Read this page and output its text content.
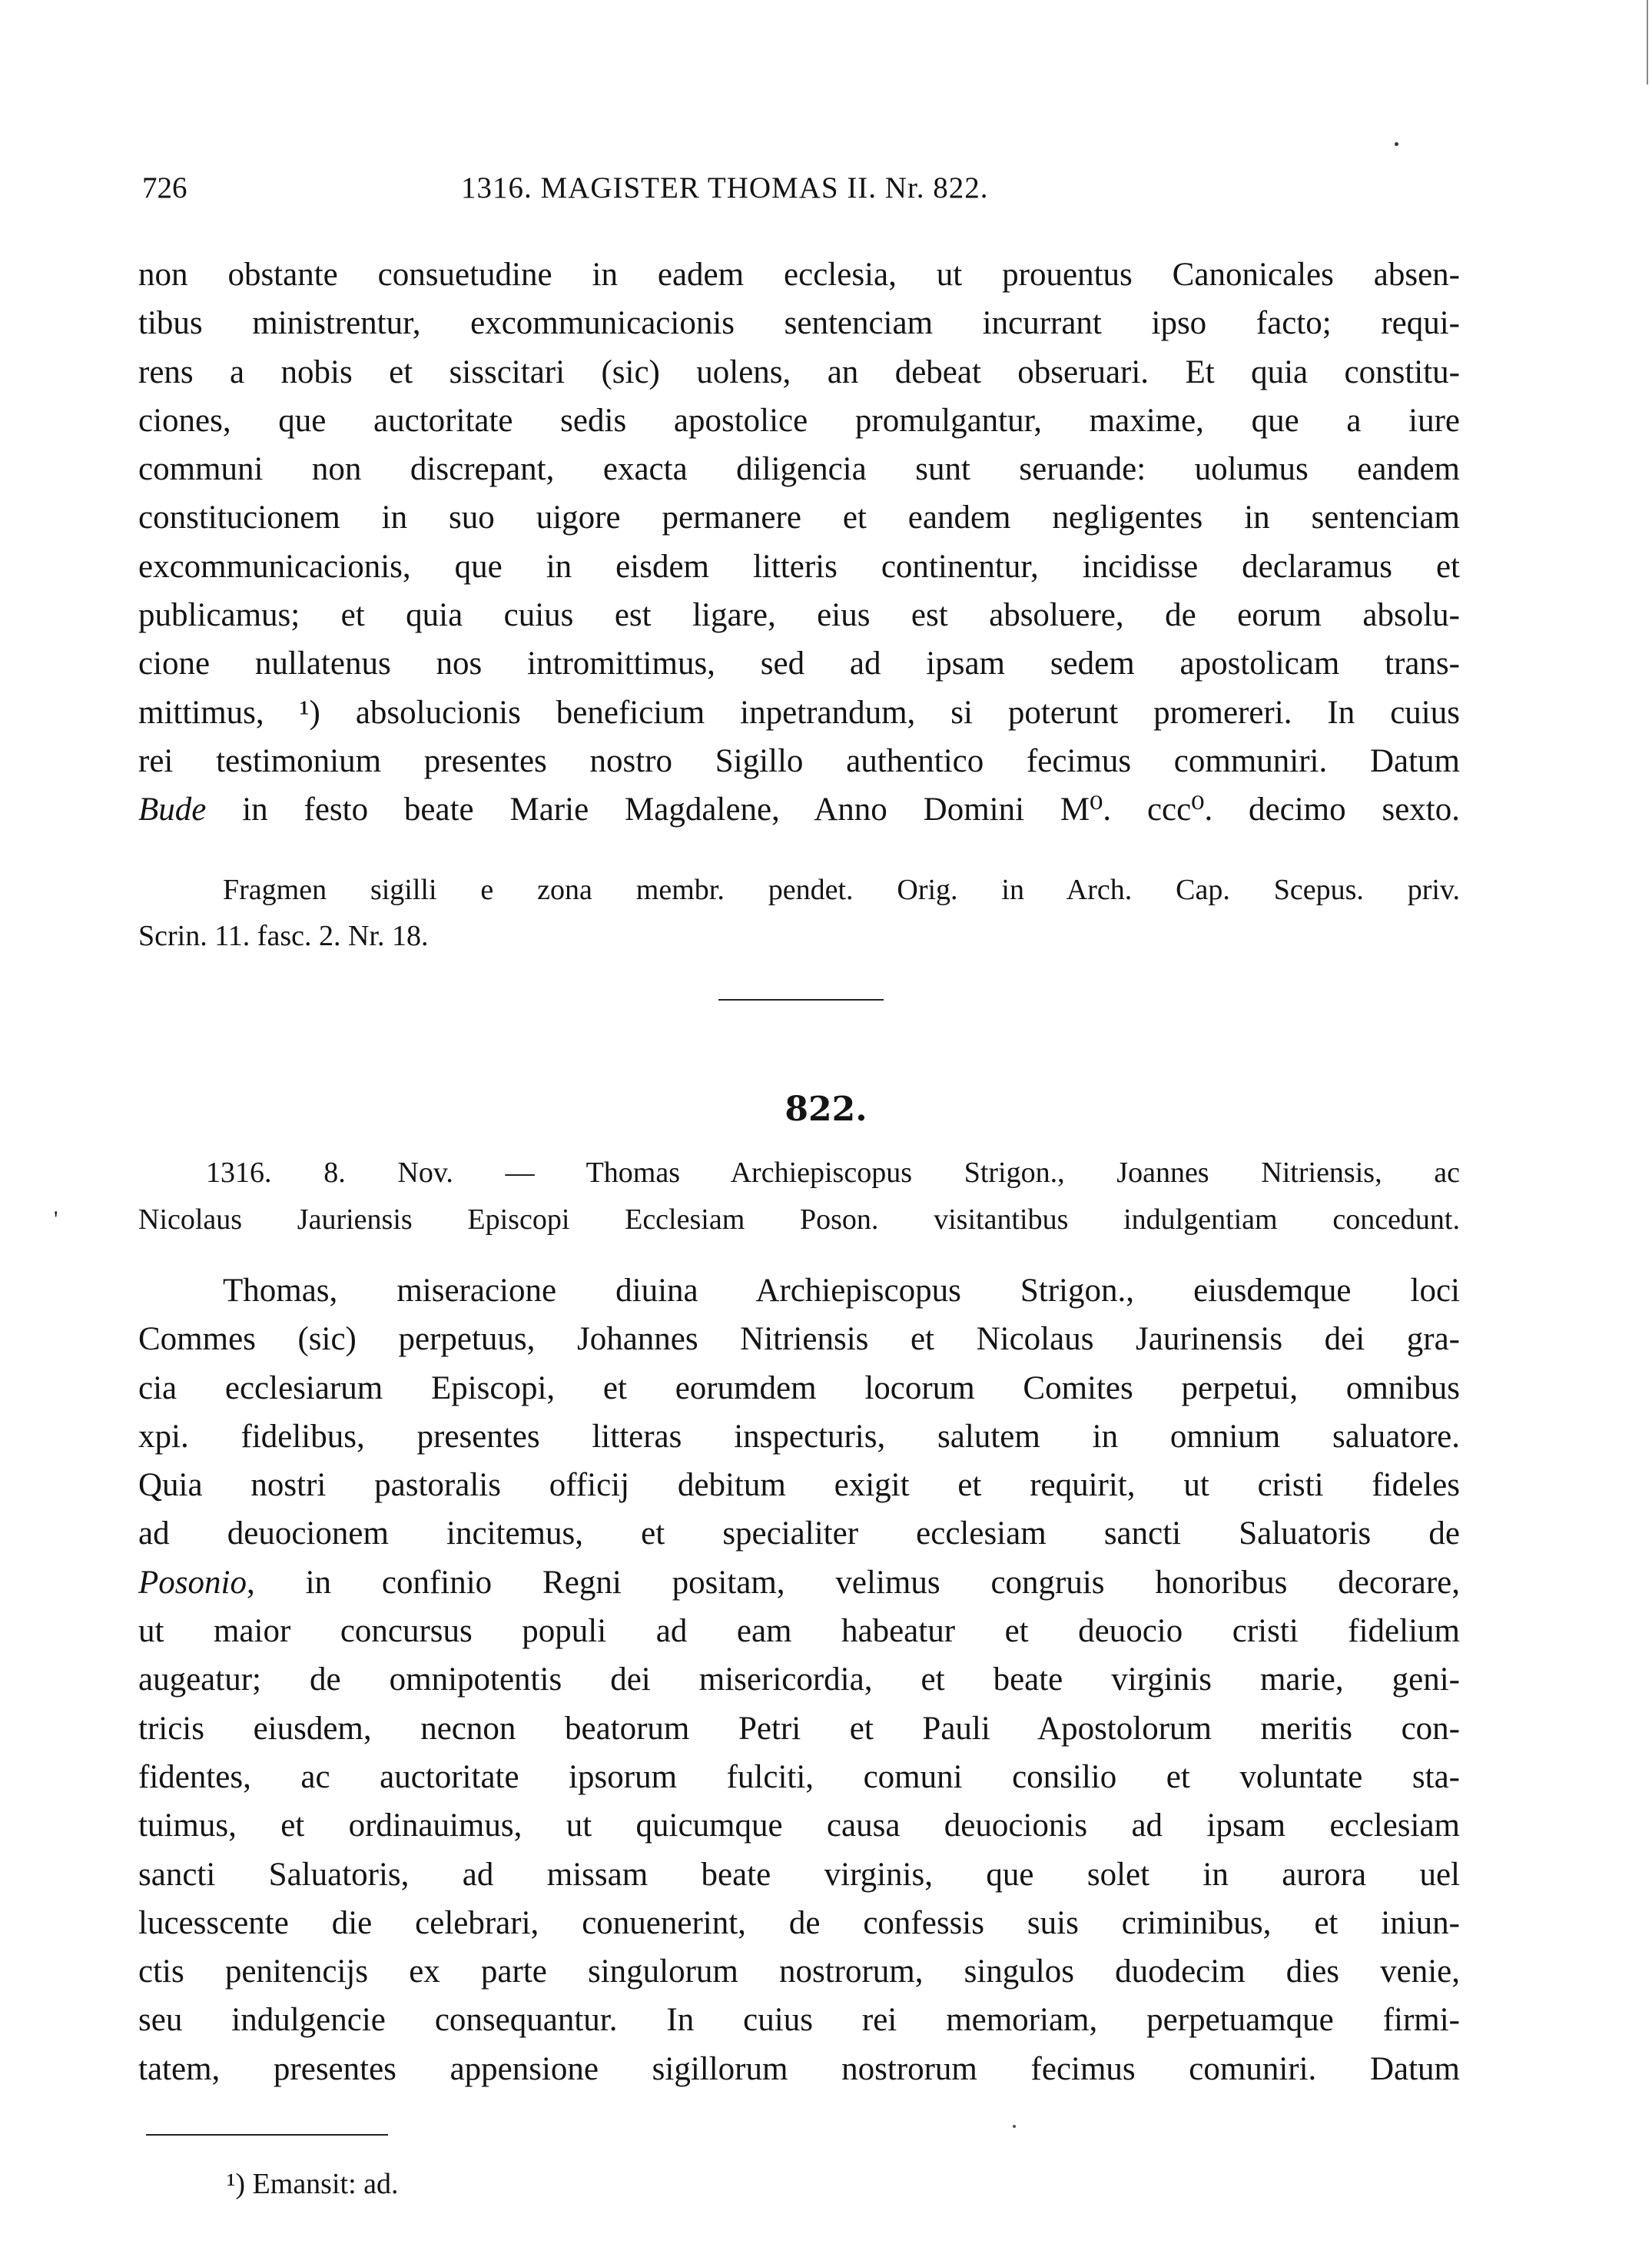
726	1316. MAGISTER THOMAS II. Nr. 822.
non obstante consuetudine in eadem ecclesia, ut prouentus Canonicales absen-
tibus ministrentur, excommunicacionis sentenciam incurrant ipso facto; requi-
rens a nobis et sisscitari (sic) uolens, an debeat obseruari. Et quia constitu-
ciones, que auctoritate sedis apostolice promulgantur, maxime, que a iure
communi non discrepant, exacta diligencia sunt seruande: uolumus eandem
constitucionem in suo uigore permanere et eandem negligentes in sentenciam
excommunicacionis, que in eisdem litteris continentur, incidisse declaramus et
publicamus; et quia cuius est ligare, eius est absoluere, de eorum absolu-
cione nullatenus nos intromittimus, sed ad ipsam sedem apostolicam trans-
mittimus, ¹) absolucionis beneficium inpetrandum, si poterunt promereri. In cuius
rei testimonium presentes nostro Sigillo authentico fecimus communiri. Datum
Bude in festo beate Marie Magdalene, Anno Domini M⁰. ccc⁰. decimo sexto.
Fragmen sigilli e zona membr. pendet. Orig. in Arch. Cap. Scepus. priv.
Scrin. 11. fasc. 2. Nr. 18.
822.
'
1316. 8. Nov. — Thomas Archiepiscopus Strigon., Joannes Nitriensis, ac
Nicolaus Jauriensis Episcopi Ecclesiam Poson. visitantibus indulgentiam concedunt.
Thomas, miseracione diuina Archiepiscopus Strigon., eiusdemque loci
Commes (sic) perpetuus, Johannes Nitriensis et Nicolaus Jaurinensis dei gra-
cia ecclesiarum Episcopi, et eorumdem locorum Comites perpetui, omnibus
xpi. fidelibus, presentes litteras inspecturis, salutem in omnium saluatore.
Quia nostri pastoralis officij debitum exigit et requirit, ut cristi fideles
ad deuocionem incitemus, et specialiter ecclesiam sancti Saluatoris de
Posonio, in confinio Regni positam, velimus congruis honoribus decorare,
ut maior concursus populi ad eam habeatur et deuocio cristi fidelium
augeatur; de omnipotentis dei misericordia, et beate virginis marie, geni-
tricis eiusdem, necnon beatorum Petri et Pauli Apostolorum meritis con-
fidentes, ac auctoritate ipsorum fulciti, comuni consilio et voluntate sta-
tuimus, et ordinauimus, ut quicumque causa deuocionis ad ipsam ecclesiam
sancti Saluatoris, ad missam beate virginis, que solet in aurora uel
lucesscente die celebrari, conuenerint, de confessis suis criminibus, et iniun-
ctis penitencijs ex parte singulorum nostrorum, singulos duodecim dies venie,
seu indulgencie consequantur. In cuius rei memoriam, perpetuamque firmi-
tatem, presentes appensione sigillorum nostrorum fecimus comuniri. Datum
¹) Emansit: ad.
